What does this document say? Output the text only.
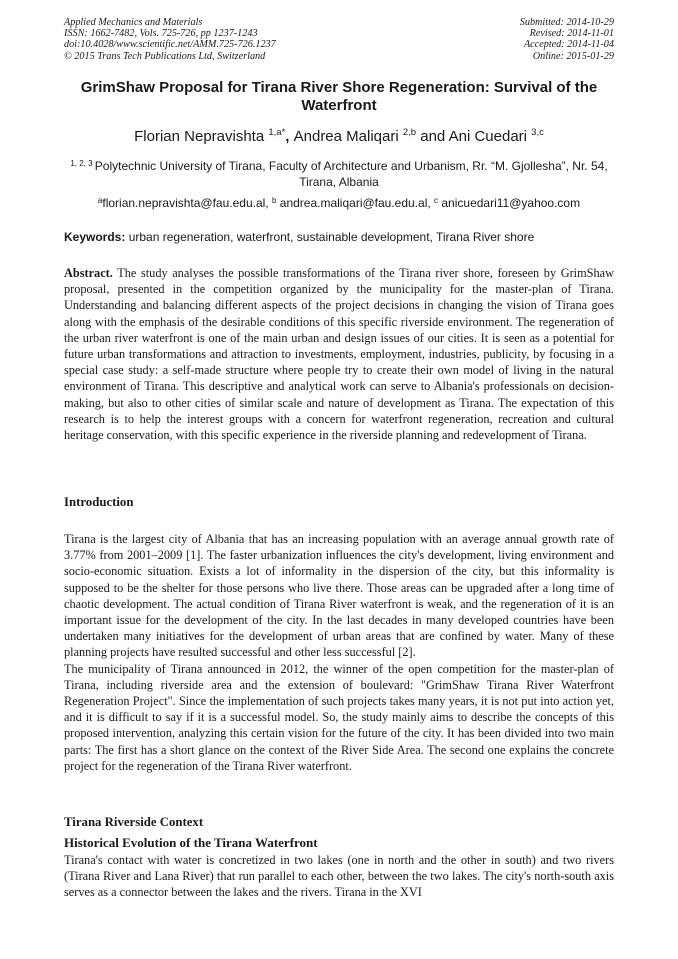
Applied Mechanics and Materials
ISSN: 1662-7482, Vols. 725-726, pp 1237-1243
doi:10.4028/www.scientific.net/AMM.725-726.1237
© 2015 Trans Tech Publications Ltd, Switzerland
Submitted: 2014-10-29
Revised: 2014-11-01
Accepted: 2014-11-04
Online: 2015-01-29
GrimShaw Proposal for Tirana River Shore Regeneration: Survival of the Waterfront
Florian Nepravishta $^{1,a*}$, Andrea Maliqari $^{2,b}$ and Ani Cuedari $^{3,c}$
$^{1, 2, 3}$ Polytechnic University of Tirana, Faculty of Architecture and Urbanism, Rr. “M. Gjollesha”, Nr. 54, Tirana, Albania
$^a$florian.nepravishta@fau.edu.al, $^b$ andrea.maliqari@fau.edu.al, $^c$ anicuedari11@yahoo.com
Keywords: urban regeneration, waterfront, sustainable development, Tirana River shore
Abstract. The study analyses the possible transformations of the Tirana river shore, foreseen by GrimShaw proposal, presented in the competition organized by the municipality for the master-plan of Tirana. Understanding and balancing different aspects of the project decisions in changing the vision of Tirana goes along with the emphasis of the desirable conditions of this specific riverside environment. The regeneration of the urban river waterfront is one of the main urban and design issues of our cities. It is seen as a potential for future urban transformations and attraction to investments, employment, industries, publicity, by focusing in a special case study: a self-made structure where people try to create their own model of living in the natural environment of Tirana. This descriptive and analytical work can serve to Albania's professionals on decision-making, but also to other cities of similar scale and nature of development as Tirana. The expectation of this research is to help the interest groups with a concern for waterfront regeneration, recreation and cultural heritage conservation, with this specific experience in the riverside planning and redevelopment of Tirana.
Introduction

Tirana is the largest city of Albania that has an increasing population with an average annual growth rate of 3.77% from 2001–2009 [1]. The faster urbanization influences the city's development, living environment and socio-economic situation. Exists a lot of informality in the dispersion of the city, but this informality is supposed to be the shelter for those persons who live there. Those areas can be upgraded after a long time of chaotic development. The actual condition of Tirana River waterfront is weak, and the regeneration of it is an important issue for the development of the city. In the last decades in many developed countries have been undertaken many initiatives for the development of urban areas that are confined by water. Many of these planning projects have resulted successful and other less successful [2].

The municipality of Tirana announced in 2012, the winner of the open competition for the master-plan of Tirana, including riverside area and the extension of boulevard: "GrimShaw Tirana River Waterfront Regeneration Project". Since the implementation of such projects takes many years, it is not put into action yet, and it is difficult to say if it is a successful model. So, the study mainly aims to describe the concepts of this proposed intervention, analyzing this certain vision for the future of the city. It has been divided into two main parts: The first has a short glance on the context of the River Side Area. The second one explains the concrete project for the regeneration of the Tirana River waterfront.

Tirana Riverside Context
Historical Evolution of the Tirana Waterfront
Tirana's contact with water is concretized in two lakes (one in north and the other in south) and two rivers (Tirana River and Lana River) that run parallel to each other, between the two lakes. The city's north-south axis serves as a connector between the lakes and the rivers. Tirana in the XVI
